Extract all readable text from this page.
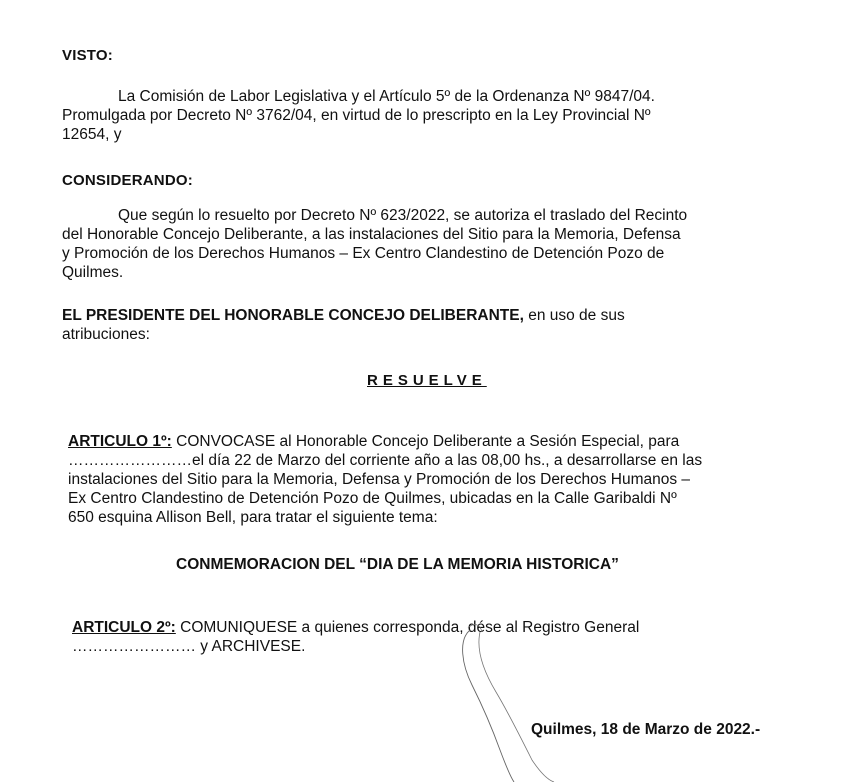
VISTO:
La Comisión de Labor Legislativa y el Artículo 5º de la Ordenanza Nº 9847/04.
Promulgada por Decreto Nº 3762/04, en virtud de lo prescripto en la Ley Provincial Nº
12654, y
CONSIDERANDO:
Que según lo resuelto por Decreto Nº 623/2022, se autoriza el traslado del Recinto
del Honorable Concejo Deliberante, a las instalaciones del Sitio para la Memoria, Defensa
y Promoción de los Derechos Humanos – Ex Centro Clandestino de Detención Pozo de
Quilmes.
EL PRESIDENTE DEL HONORABLE CONCEJO DELIBERANTE, en uso de sus
atribuciones:
RESUELVE
ARTICULO 1º: CONVOCASE al Honorable Concejo Deliberante a Sesión Especial, para
……………………el día 22 de Marzo del corriente año a las 08,00 hs., a desarrollarse en las
instalaciones del Sitio para la Memoria, Defensa y Promoción de los Derechos Humanos –
Ex Centro Clandestino de Detención Pozo de Quilmes, ubicadas en la Calle Garibaldi Nº
650 esquina Allison Bell, para tratar el siguiente tema:
CONMEMORACION DEL “DIA DE LA MEMORIA HISTORICA”
ARTICULO 2º: COMUNIQUESE a quienes corresponda, dése al Registro General
…………………… y ARCHIVESE.
Quilmes, 18 de Marzo de 2022.-
